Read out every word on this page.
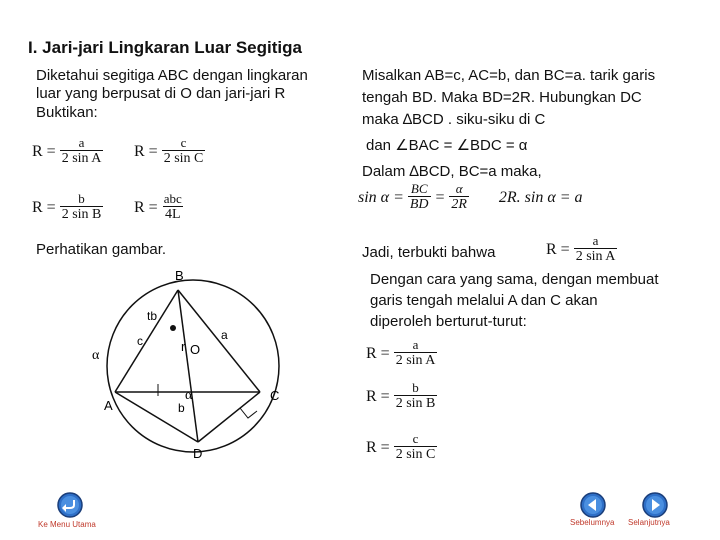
I. Jari-jari Lingkaran Luar Segitiga
Diketahui segitiga ABC dengan lingkaran
luar yang berpusat di O dan jari-jari R
Buktikan:
$R = \frac{a}{\text{2 sin A}}$ $R = \frac{c}{\text{2 sin C}}$
$R = \frac{b}{\text{2 sin B}}$ $R = \frac{\text{abc}}{4L}$
Perhatikan gambar.
B
A
C
D
O
r
a
b
c
tb
α
α
Misalkan AB=c, AC=b, dan BC=a. tarik garis
tengah BD. Maka BD=2R. Hubungkan DC
maka ∆BCD . siku-siku di C
dan ∠BAC = ∠BDC = α
Dalam ∆BCD, BC=a maka,
$\sin \alpha = \frac{BC}{BD} = \frac{\alpha}{2R} 2R$. sin α = a
Jadi, terbukti bahwa	$R = \frac{a}{\text{2 sin A}}$
Dengan cara yang sama, dengan membuat
garis tengah melalui A dan C akan
diperoleh berturut-turut:
$R = \frac{a}{\text{2 sin A}}$
$R = \frac{b}{\text{2 sin B}}$
$R = \frac{c}{\text{2 sin C}}$
Ke Menu Utama	Sebelumnya Selanjutnya
